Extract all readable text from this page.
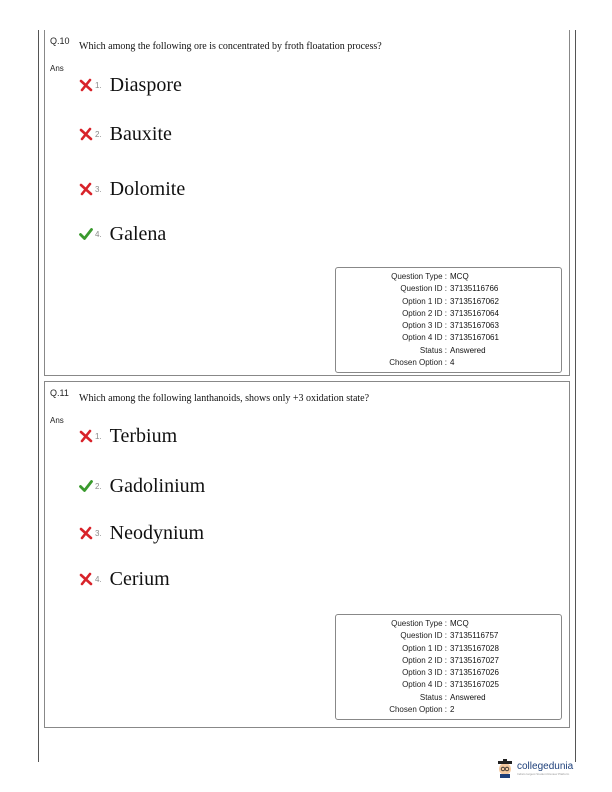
Q.10 Which among the following ore is concentrated by froth floatation process?
Ans
1. Diaspore
2. Bauxite
3. Dolomite
4. Galena
Question Type : MCQ
Question ID : 37135116766
Option 1 ID : 37135167062
Option 2 ID : 37135167064
Option 3 ID : 37135167063
Option 4 ID : 37135167061
Status : Answered
Chosen Option : 4
Q.11 Which among the following lanthanoids, shows only +3 oxidation state?
Ans
1. Terbium
2. Gadolinium
3. Neodynium
4. Cerium
Question Type : MCQ
Question ID : 37135116757
Option 1 ID : 37135167028
Option 2 ID : 37135167027
Option 3 ID : 37135167026
Option 4 ID : 37135167025
Status : Answered
Chosen Option : 2
collegedunia
India's largest Student Review Platform
